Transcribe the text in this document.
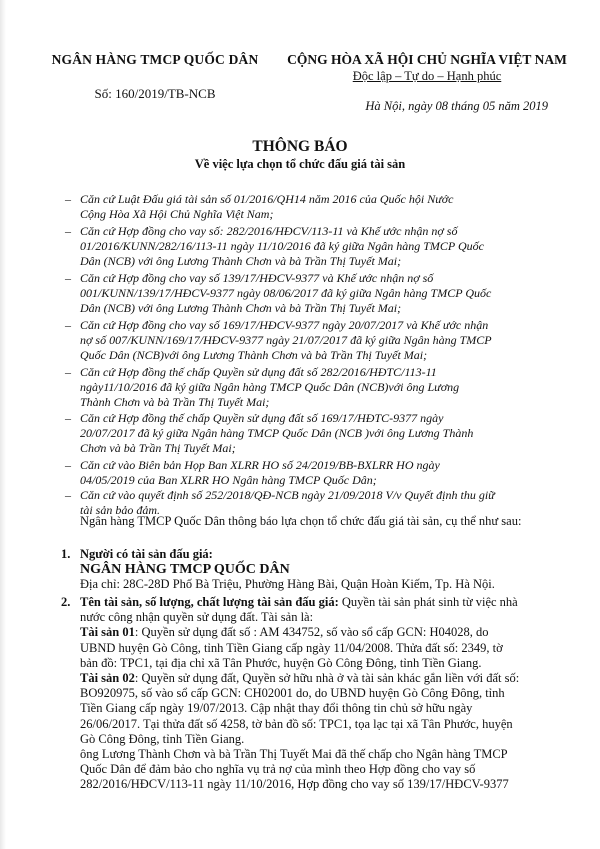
NGÂN HÀNG TMCP QUỐC DÂN
Số: 160/2019/TB-NCB
CỘNG HÒA XÃ HỘI CHỦ NGHĨA VIỆT NAM
Độc lập – Tự do – Hạnh phúc
Hà Nội, ngày 08 tháng 05 năm 2019
THÔNG BÁO
Về việc lựa chọn tổ chức đấu giá tài sản
– Căn cứ Luật Đấu giá tài sản số 01/2016/QH14 năm 2016 của Quốc hội Nước
Cộng Hòa Xã Hội Chủ Nghĩa Việt Nam;
– Căn cứ Hợp đồng cho vay số: 282/2016/HĐCV/113-11 và Khế ước nhận nợ số
01/2016/KUNN/282/16/113-11 ngày 11/10/2016 đã ký giữa Ngân hàng TMCP Quốc
Dân (NCB) với ông Lương Thành Chơn và bà Trần Thị Tuyết Mai;
– Căn cứ Hợp đồng cho vay số 139/17/HĐCV-9377 và Khế ước nhận nợ số
001/KUNN/139/17/HĐCV-9377 ngày 08/06/2017 đã ký giữa Ngân hàng TMCP Quốc
Dân (NCB) với ông Lương Thành Chơn và bà Trần Thị Tuyết Mai;
– Căn cứ Hợp đồng cho vay số 169/17/HĐCV-9377 ngày 20/07/2017 và Khế ước nhận
nợ số 007/KUNN/169/17/HĐCV-9377 ngày 21/07/2017 đã ký giữa Ngân hàng TMCP
Quốc Dân (NCB)với ông Lương Thành Chơn và bà Trần Thị Tuyết Mai;
– Căn cứ Hợp đồng thế chấp Quyền sử dụng đất số 282/2016/HĐTC/113-11
ngày11/10/2016 đã ký giữa Ngân hàng TMCP Quốc Dân (NCB)với ông Lương
Thành Chơn và bà Trần Thị Tuyết Mai;
– Căn cứ Hợp đồng thế chấp Quyền sử dụng đất số 169/17/HĐTC-9377 ngày
20/07/2017 đã ký giữa Ngân hàng TMCP Quốc Dân (NCB )với ông Lương Thành
Chơn và bà Trần Thị Tuyết Mai;
– Căn cứ vào Biên bản Họp Ban XLRR HO số 24/2019/BB-BXLRR HO ngày
04/05/2019 của Ban XLRR HO Ngân hàng TMCP Quốc Dân;
– Căn cứ vào quyết định số 252/2018/QĐ-NCB ngày 21/09/2018 V/v Quyết định thu giữ
tài sản bảo đảm.
Ngân hàng TMCP Quốc Dân thông báo lựa chọn tổ chức đấu giá tài sản, cụ thể như sau:
1. Người có tài sản đấu giá:
NGÂN HÀNG TMCP QUỐC DÂN
Địa chỉ: 28C-28D Phố Bà Triệu, Phường Hàng Bài, Quận Hoàn Kiếm, Tp. Hà Nội.
2. Tên tài sản, số lượng, chất lượng tài sản đấu giá: Quyền tài sản phát sinh từ việc nhà
nước công nhận quyền sử dụng đất. Tài sản là:
Tài sản 01: Quyền sử dụng đất số : AM 434752, số vào sổ cấp GCN: H04028, do
UBND huyện Gò Công, tỉnh Tiền Giang cấp ngày 11/04/2008. Thửa đất số: 2349, tờ
bản đồ: TPC1, tại địa chỉ xã Tân Phước, huyện Gò Công Đông, tỉnh Tiền Giang.
Tài sản 02: Quyền sử dụng đất, Quyền sở hữu nhà ở và tài sản khác gắn liền với đất số:
BO920975, số vào sổ cấp GCN: CH02001 do, do UBND huyện Gò Công Đông, tỉnh
Tiền Giang cấp ngày 19/07/2013. Cập nhật thay đổi thông tin chủ sở hữu ngày
26/06/2017. Tại thửa đất số 4258, tờ bản đồ số: TPC1, tọa lạc tại xã Tân Phước, huyện
Gò Công Đông, tỉnh Tiền Giang.
ông Lương Thành Chơn và bà Trần Thị Tuyết Mai đã thế chấp cho Ngân hàng TMCP
Quốc Dân để đảm bảo cho nghĩa vụ trả nợ của mình theo Hợp đồng cho vay số
282/2016/HĐCV/113-11 ngày 11/10/2016, Hợp đồng cho vay số 139/17/HĐCV-9377
